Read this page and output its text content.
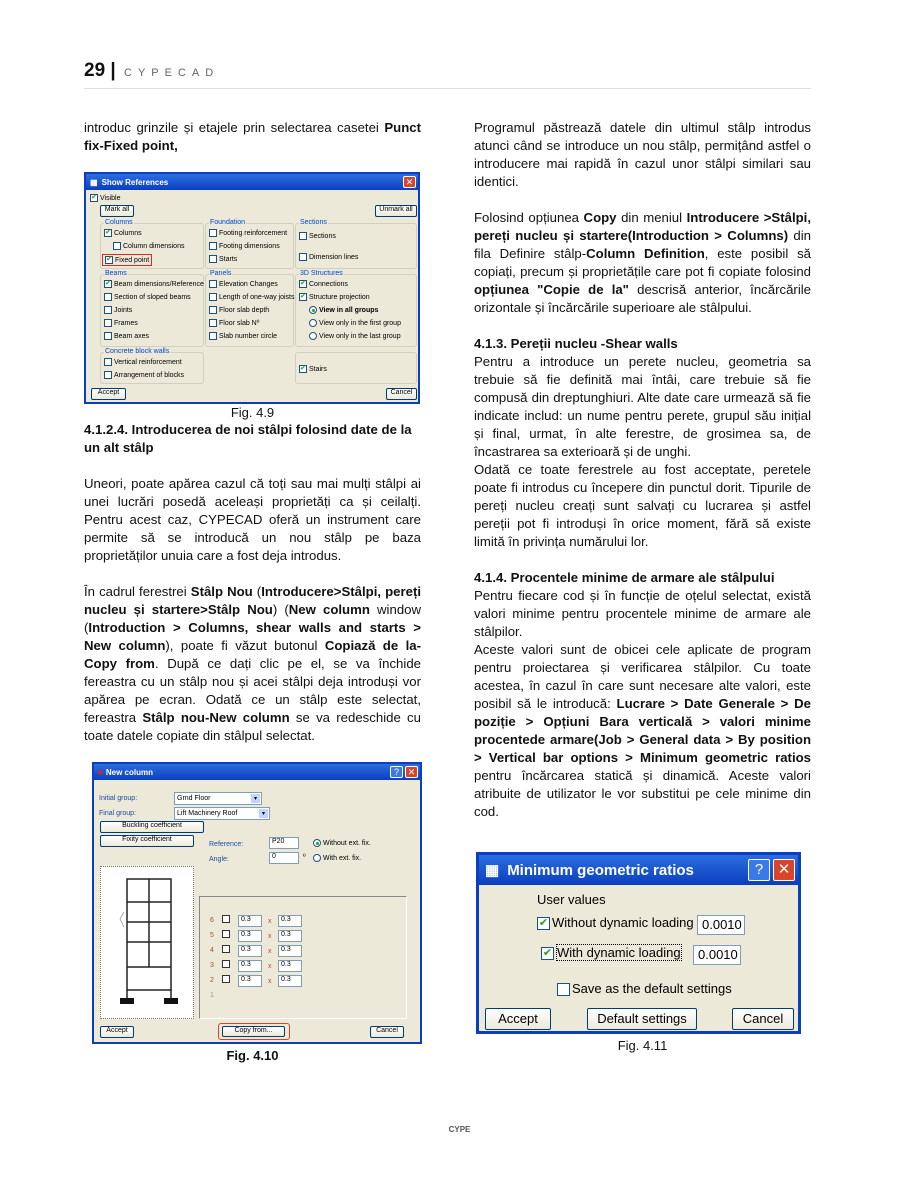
29 | CYPECAD

introduc grinzile și etajele prin selectarea casetei Punct fix-Fixed point,

▦ Show References	✕
✔ Visible
Mark all	Unmark all
Columns
✔ Columns
Column dimensions
✔ Fixed point
Foundation
Footing reinforcement
Footing dimensions
Starts
Sections
Sections
Dimension lines
Beams
✔ Beam dimensions/Reference
Section of sloped beams
Joints
Frames
Beam axes
Panels
Elevation Changes
Length of one-way joists
Floor slab depth
Floor slab Nº
Slab number circle
3D Structures
✔ Connections
✔ Structure projection
View in all groups
View only in the first group
View only in the last group
Concrete block walls
Vertical reinforcement
Arrangement of blocks
✔ Stairs
Accept	Cancel
Fig. 4.9
4.1.2.4. Introducerea de noi stâlpi folosind date de la un alt stâlp

Uneori, poate apărea cazul că toți sau mai mulți stâlpi ai unei lucrări posedă aceleași proprietăți ca și ceilalți. Pentru acest caz, CYPECAD oferă un instrument care permite să se introducă un nou stâlp pe baza proprietăților unuia care a fost deja introdus.

În cadrul ferestrei Stâlp Nou (Introducere>Stâlpi, pereți nucleu și startere>Stâlp Nou) (New column window (Introduction > Columns, shear walls and starts > New column), poate fi văzut butonul Copiază de la-Copy from. După ce dați clic pe el, se va închide fereastra cu un stâlp nou și acei stâlpi deja introduși vor apărea pe ecran. Odată ce un stâlp este selectat, fereastra Stâlp nou-New column se va redeschide cu toate datele copiate din stâlpul selectat.

■ New column	? ✕
Initial group:	Grnd Floor	▾
Final group:	Lift Machinery Roof	▾
Buckling coefficient
Fixity coefficient
Reference:	P20	Without ext. fix.
Angle:	0	º	With ext. fix.
6	0.3	x	0.3
5	0.3	x	0.3
4	0.3	x	0.3
3	0.3	x	0.3
2	0.3	x	0.3
1
Accept	Copy from...	Cancel
Fig. 4.10

Programul păstrează datele din ultimul stâlp introdus atunci când se introduce un nou stâlp, permițând astfel o introducere mai rapidă în cazul unor stâlpi similari sau identici.

Folosind opțiunea Copy din meniul Introducere >Stâlpi, pereți nucleu și startere(Introduction > Columns) din fila Definire stâlp-Column Definition, este posibil să copiați, precum și proprietățile care pot fi copiate folosind opțiunea "Copie de la" descrisă anterior, încărcările orizontale și încărcările superioare ale stâlpului.

4.1.3. Pereții nucleu -Shear walls

Pentru a introduce un perete nucleu, geometria sa trebuie să fie definită mai întâi, care trebuie să fie compusă din dreptunghiuri. Alte date care urmează să fie indicate includ: un nume pentru perete, grupul său inițial și final, urmat, în alte ferestre, de grosimea sa, de încastrarea sa exterioară și de unghi.

Odată ce toate ferestrele au fost acceptate, peretele poate fi introdus cu începere din punctul dorit. Tipurile de pereți nucleu creați sunt salvați cu lucrarea și astfel pereții pot fi introduși în orice moment, fără să existe limită în privința numărului lor.

4.1.4. Procentele minime de armare ale stâlpului

Pentru fiecare cod și în funcție de oțelul selectat, există valori minime pentru procentele minime de armare ale stâlpilor.

Aceste valori sunt de obicei cele aplicate de program pentru proiectarea și verificarea stâlpilor. Cu toate acestea, în cazul în care sunt necesare alte valori, este posibil să le introducă: Lucrare > Date Generale > De poziție > Opțiuni Bara verticală > valori minime procentede armare(Job > General data > By position > Vertical bar options > Minimum geometric ratios pentru încărcarea statică și dinamică. Aceste valori atribuite de utilizator le vor substitui pe cele minime din cod.

▦ Minimum geometric ratios	? ✕
User values
✔ Without dynamic loading 0.0010
✔ With dynamic loading	0.0010
Save as the default settings
Accept	Default settings	Cancel
Fig. 4.11
CYPE
